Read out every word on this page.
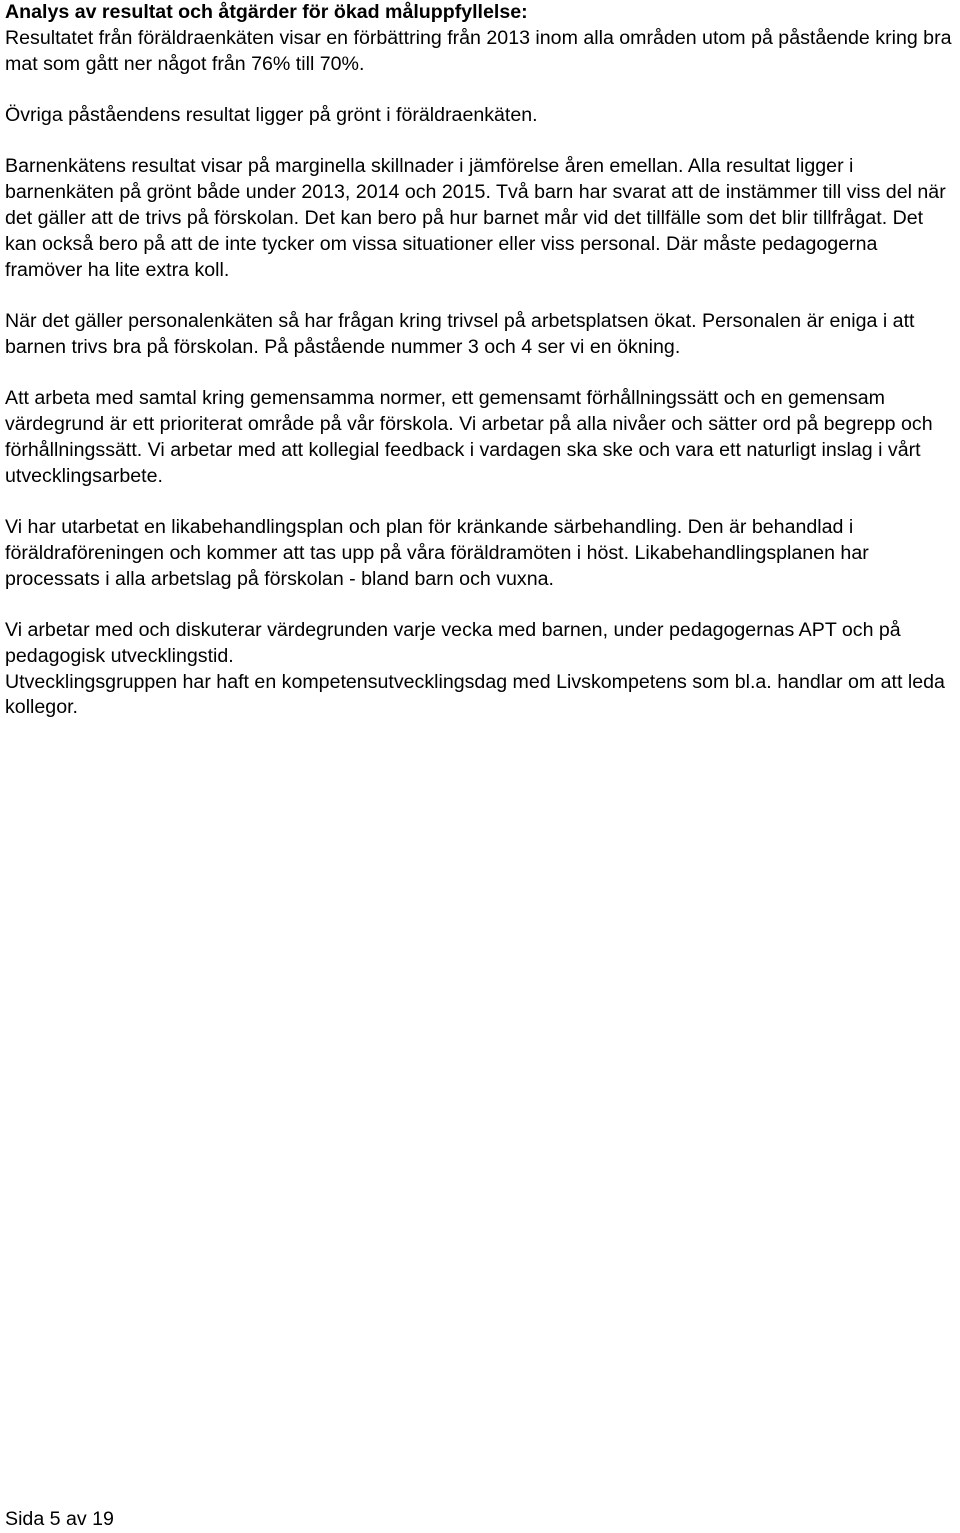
Analys av resultat och åtgärder för ökad måluppfyllelse:

Resultatet från föräldraenkäten visar en förbättring från 2013 inom alla områden utom på påstående kring bra mat som gått ner något från 76% till 70%.

Övriga påståendens resultat ligger på grönt i föräldraenkäten.

Barnenkätens resultat visar på marginella skillnader i jämförelse åren emellan. Alla resultat ligger i barnenkäten på grönt både under 2013, 2014 och 2015. Två barn har svarat att de instämmer till viss del när det gäller att de trivs på förskolan. Det kan bero på hur barnet mår vid det tillfälle som det blir tillfrågat. Det kan också bero på att de inte tycker om vissa situationer eller viss personal. Där måste pedagogerna framöver ha lite extra koll.

När det gäller personalenkäten så har frågan kring trivsel på arbetsplatsen ökat. Personalen är eniga i att barnen trivs bra på förskolan. På påstående nummer 3 och 4 ser vi en ökning.

Att arbeta med samtal kring gemensamma normer, ett gemensamt förhållningssätt och en gemensam värdegrund är ett prioriterat område på vår förskola. Vi arbetar på alla nivåer och sätter ord på begrepp och förhållningssätt. Vi arbetar med att kollegial feedback i vardagen ska ske och vara ett naturligt inslag i vårt utvecklingsarbete.

Vi har utarbetat en likabehandlingsplan och plan för kränkande särbehandling. Den är behandlad i föräldraföreningen och kommer att tas upp på våra föräldramöten i höst. Likabehandlingsplanen har processats i alla arbetslag på förskolan - bland barn och vuxna.

Vi arbetar med och diskuterar värdegrunden varje vecka med barnen, under pedagogernas APT och på pedagogisk utvecklingstid.

Utvecklingsgruppen har haft en kompetensutvecklingsdag med Livskompetens som bl.a. handlar om att leda kollegor.

Sida 5 av 19
